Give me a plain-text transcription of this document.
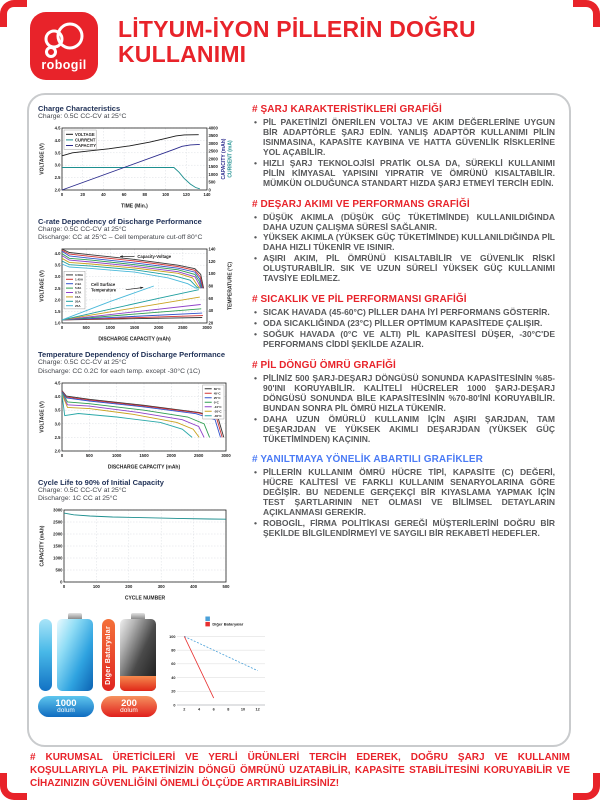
robogil
LİTYUM-İYON PİLLERİN DOĞRU
KULLANIMI
Charge Characteristics
Charge: 0.5C CC-CV at 25°C
0	20	40	60	80	100	120	140
2.0
2.5
3.0
3.5
4.0
4.5
0
500
1000
1500
2000
2500
3000
3500
4000
TIME (Min.)
VOLTAGE (V)	CAPACITY (mAh) CURRENT (mA)
VOLTAGE
CURRENT
CAPACITY
C-rate Dependency of Discharge Performance
Charge: 0.5C CC-CV at 25°C
Discharge: CC at 25°C – Cell temperature cut-off 80°C
0	500	1000	1500	2000	2500	3000
1.0
1.5
2.0
2.5
3.0
3.5
4.0
20
40
60
80
100
120
140
DISCHARGE CAPACITY (mAh)
VOLTAGE (V)	TEMPERATURE (°C)
0.58A
1.45A
2.9A
5.8A
8.7A
15A
20A
25A
Capacity-Voltage
Cell Surface
Temperature
Temperature Dependency of Discharge Performance
Charge: 0.5C CC-CV at 25°C
Discharge: CC 0.2C for each temp. except -30°C (1C)
0	500	1000	1500	2000	2500	3000
2.0
2.5
3.0
3.5
4.0
4.5
DISCHARGE CAPACITY (mAh)
VOLTAGE (V)
60°C
45°C
25°C
0°C
-10°C
-20°C
-30°C
Cycle Life to 90% of Initial Capacity
Charge: 0.5C CC-CV at 25°C
Discharge: 1C CC at 25°C
0	100	200	300	400	500
0
500
1000
1500
2000
2500
3000
CYCLE NUMBER
CAPACITY (mAh)
1000
dolum
Diğer Bataryalar
200
dolum	2	4	6	8	10	12
0
20
40
60
80
100
Diğer Bataryalar
# ŞARJ KARAKTERİSTİKLERİ GRAFİĞİ
• PİL PAKETİNİZİ ÖNERİLEN VOLTAJ VE AKIM DEĞERLERİNE UYGUN BİR ADAPTÖRLE ŞARJ EDİN. YANLIŞ ADAPTÖR KULLANIMI PİLİN ISINMASINA, KAPASİTE KAYBINA VE HATTA GÜVENLİK RİSKLERİNE YOL AÇABİLİR.
• HIZLI ŞARJ TEKNOLOJİSİ PRATİK OLSA DA, SÜREKLİ KULLANIMI PİLİN KİMYASAL YAPISINI YIPRATIR VE ÖMRÜNÜ KISALTABİLİR. MÜMKÜN OLDUĞUNCA STANDART HIZDA ŞARJ ETMEYİ TERCİH EDİN.
# DEŞARJ AKIMI VE PERFORMANS GRAFİĞİ
• DÜŞÜK AKIMLA (DÜŞÜK GÜÇ TÜKETİMİNDE) KULLANILDIĞINDA DAHA UZUN ÇALIŞMA SÜRESİ SAĞLANIR.
• YÜKSEK AKIMLA (YÜKSEK GÜÇ TÜKETİMİNDE) KULLANILDIĞINDA PİL DAHA HIZLI TÜKENİR VE ISINIR.
• AŞIRI AKIM, PİL ÖMRÜNÜ KISALTABİLİR VE GÜVENLİK RİSKİ OLUŞTURABİLİR. SIK VE UZUN SÜRELİ YÜKSEK GÜÇ KULLANIMI TAVSİYE EDİLMEZ.
# SICAKLIK VE PİL PERFORMANSI GRAFİĞİ
• SICAK HAVADA (45-60°C) PİLLER DAHA İYİ PERFORMANS GÖSTERİR.
• ODA SICAKLIĞINDA (23°C) PİLLER OPTİMUM KAPASİTEDE ÇALIŞIR.
• SOĞUK HAVADA (0°C VE ALTI) PİL KAPASİTESİ DÜŞER, -30°C'DE PERFORMANS CİDDİ ŞEKİLDE AZALIR.
# PİL DÖNGÜ ÖMRÜ GRAFİĞİ
• PİLİNİZ 500 ŞARJ-DEŞARJ DÖNGÜSÜ SONUNDA KAPASİTESİNİN %85-90'INI KORUYABİLİR. KALİTELİ HÜCRELER 1000 ŞARJ-DEŞARJ DÖNGÜSÜ SONUNDA BİLE KAPASİTESİNİN %70-80'İNİ KORUYABİLİR. BUNDAN SONRA PİL ÖMRÜ HIZLA TÜKENİR.
• DAHA UZUN ÖMÜRLÜ KULLANIM İÇİN AŞIRI ŞARJDAN, TAM DEŞARJDAN VE YÜKSEK AKIMLI DEŞARJDAN (YÜKSEK GÜÇ TÜKETİMİNDEN) KAÇININ.
# YANILTMAYA YÖNELİK ABARTILI GRAFİKLER
• PİLLERİN KULLANIM ÖMRÜ HÜCRE TİPİ, KAPASİTE (C) DEĞERİ, HÜCRE KALİTESİ VE FARKLI KULLANIM SENARYOLARINA GÖRE DEĞİŞİR. BU NEDENLE GERÇEKÇİ BİR KIYASLAMA YAPMAK İÇİN TEST ŞARTLARININ NET OLMASI VE BİLİMSEL DETAYLARIN AÇIKLANMASI GEREKİR.
• ROBOGİL, FİRMA POLİTİKASI GEREĞİ MÜŞTERİLERİNİ DOĞRU BİR ŞEKİLDE BİLGİLENDİRMEYİ VE SAYGILI BİR REKABETİ HEDEFLER.
# KURUMSAL ÜRETİCİLERİ VE YERLİ ÜRÜNLERİ TERCİH EDEREK, DOĞRU ŞARJ VE KULLANIM KOŞULLARIYLA PİL PAKETİNİZİN DÖNGÜ ÖMRÜNÜ UZATABİLİR, KAPASİTE STABİLİTESİNİ KORUYABİLİR VE CİHAZINIZIN GÜVENLİĞİNİ ÖNEMLİ ÖLÇÜDE ARTIRABİLİRSİNİZ!
